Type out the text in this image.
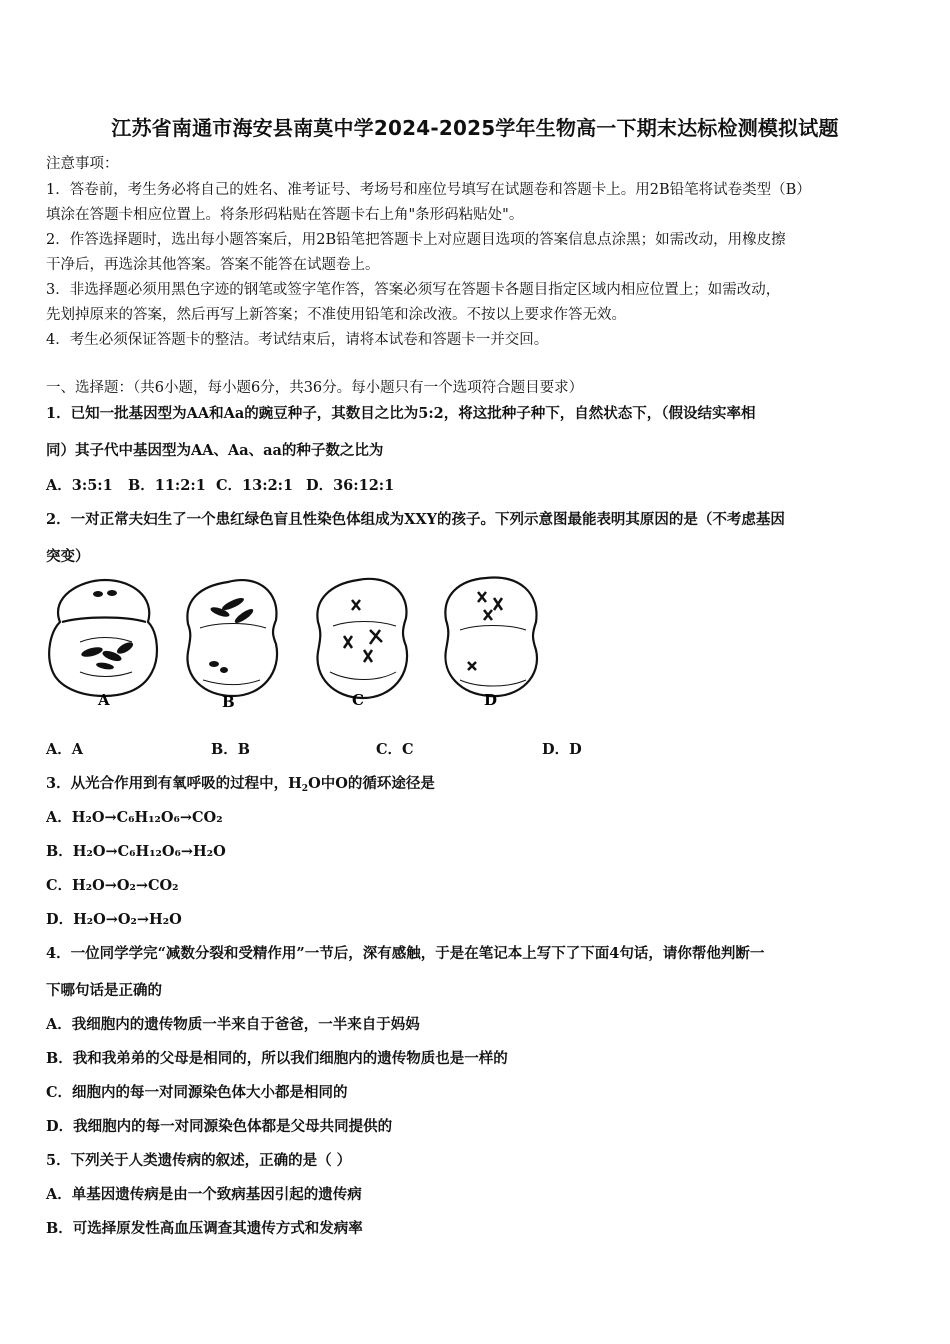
江苏省南通市海安县南莫中学2024-2025学年生物高一下期末达标检测模拟试题
注意事项：
1．答卷前，考生务必将自己的姓名、准考证号、考场号和座位号填写在试题卷和答题卡上。用2B铅笔将试卷类型（B）
填涂在答题卡相应位置上。将条形码粘贴在答题卡右上角"条形码粘贴处"。
2．作答选择题时，选出每小题答案后，用2B铅笔把答题卡上对应题目选项的答案信息点涂黑；如需改动，用橡皮擦
干净后，再选涂其他答案。答案不能答在试题卷上。
3．非选择题必须用黑色字迹的钢笔或签字笔作答，答案必须写在答题卡各题目指定区域内相应位置上；如需改动，
先划掉原来的答案，然后再写上新答案；不准使用铅笔和涂改液。不按以上要求作答无效。
4．考生必须保证答题卡的整洁。考试结束后，请将本试卷和答题卡一并交回。
一、选择题：（共6小题，每小题6分，共36分。每小题只有一个选项符合题目要求）
1．已知一批基因型为AA和Aa的豌豆种子，其数目之比为5:2，将这批种子种下，自然状态下，（假设结实率相
同）其子代中基因型为AA、Aa、aa的种子数之比为
A．3:5:1 B．11:2:1 C．13:2:1 D．36:12:1
2．一对正常夫妇生了一个患红绿色盲且性染色体组成为XXY的孩子。下列示意图最能表明其原因的是（不考虑基因
突变）
A	B	C	D
A．A	B．B	C．C	D．D
3．从光合作用到有氧呼吸的过程中，$H_2O$中O的循环途径是
A．H₂O→C₆H₁₂O₆→CO₂
B．H₂O→C₆H₁₂O₆→H₂O
C．H₂O→O₂→CO₂
D．H₂O→O₂→H₂O
4．一位同学学完“减数分裂和受精作用”一节后，深有感触，于是在笔记本上写下了下面4句话，请你帮他判断一
下哪句话是正确的
A．我细胞内的遗传物质一半来自于爸爸，一半来自于妈妈
B．我和我弟弟的父母是相同的，所以我们细胞内的遗传物质也是一样的
C．细胞内的每一对同源染色体大小都是相同的
D．我细胞内的每一对同源染色体都是父母共同提供的
5．下列关于人类遗传病的叙述，正确的是（ ）
A．单基因遗传病是由一个致病基因引起的遗传病
B．可选择原发性高血压调查其遗传方式和发病率
